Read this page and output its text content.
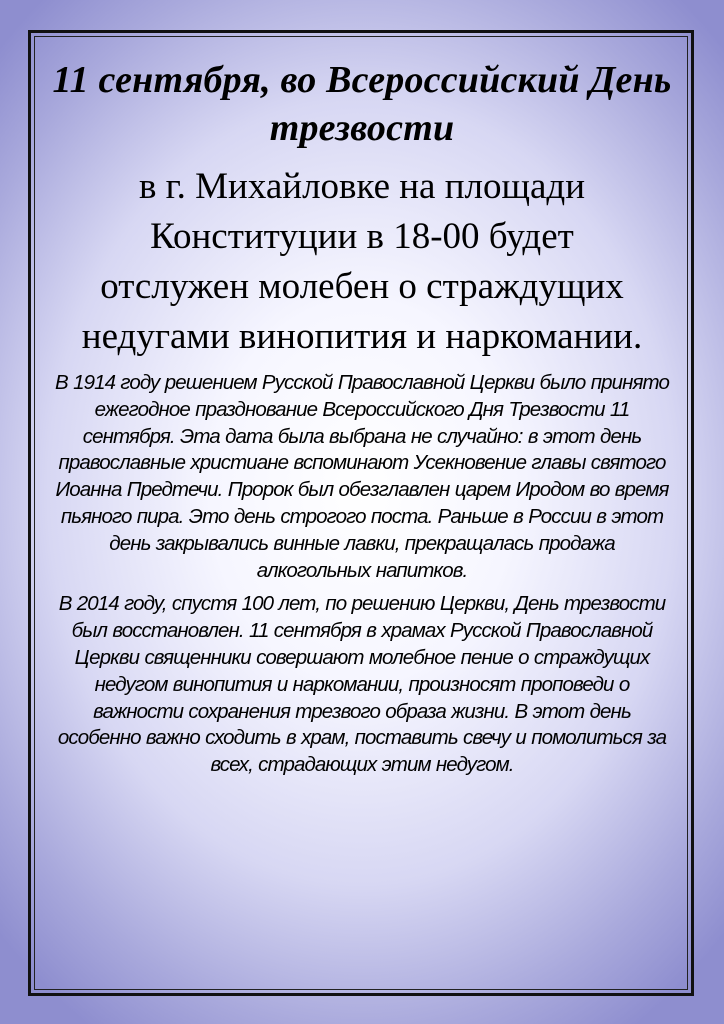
11 сентября, во Всероссийский День трезвости

в г. Михайловке на площади Конституции в 18-00 будет отслужен молебен о страждущих недугами винопития и наркомании.

В 1914 году решением Русской Православной Церкви было принято ежегодное празднование Всероссийского Дня Трезвости 11 сентября. Эта дата была выбрана не случайно: в этот день православные христиане вспоминают Усекновение главы святого Иоанна Предтечи. Пророк был обезглавлен царем Иродом во время пьяного пира. Это день строгого поста. Раньше в России в этот день закрывались винные лавки, прекращалась продажа алкогольных напитков.

В 2014 году, спустя 100 лет, по решению Церкви, День трезвости был восстановлен. 11 сентября в храмах Русской Православной Церкви священники совершают молебное пение о страждущих недугом винопития и наркомании, произносят проповеди о важности сохранения трезвого образа жизни. В этот день особенно важно сходить в храм, поставить свечу и помолиться за всех, страдающих этим недугом.
